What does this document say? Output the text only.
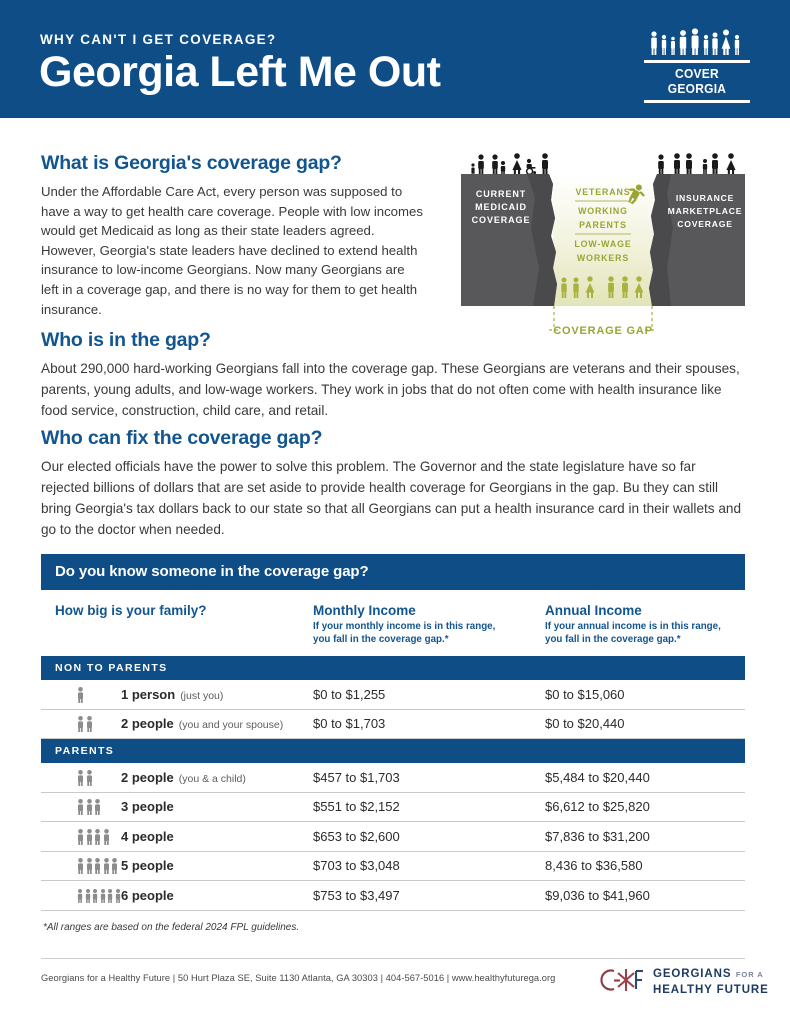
WHY CAN'T I GET COVERAGE?
Georgia Left Me Out	COVER GEORGIA
What is Georgia's coverage gap?
Under the Affordable Care Act, every person was supposed to have a way to get health care coverage. People with low incomes would get Medicaid as long as their state leaders agreed. However, Georgia's state leaders have declined to extend health insurance to low-income Georgians. Now many Georgians are left in a coverage gap, and there is no way for them to get health insurance.
CURRENT
MEDICAID
COVERAGE
INSURANCE
MARKETPLACE
COVERAGE
VETERANS
WORKING
PARENTS
LOW-WAGE
WORKERS
COVERAGE GAP
Who is in the gap?
About 290,000 hard-working Georgians fall into the coverage gap. These Georgians are veterans and their spouses, parents, young adults, and low-wage workers. They work in jobs that do not often come with health insurance like food service, construction, child care, and retail.
Who can fix the coverage gap?
Our elected officials have the power to solve this problem. The Governor and the state legislature have so far rejected billions of dollars that are set aside to provide health coverage for Georgians in the gap. Bu they can still bring Georgia's tax dollars back to our state so that all Georgians can put a health insurance card in their wallets and go to the doctor when needed.
Do you know someone in the coverage gap?
How big is your family?	Monthly Income
If your monthly income is in this range,
you fall in the coverage gap.*
Annual Income
If your annual income is in this range,
you fall in the coverage gap.*
NON TO PARENTS
1 person (just you)	$0 to $1,255	$0 to $15,060
2 people (you and your spouse) $0 to $1,703	$0 to $20,440
PARENTS
2 people (you & a child)	$457 to $1,703	$5,484 to $20,440
3 people	$551 to $2,152	$6,612 to $25,820
4 people	$653 to $2,600	$7,836 to $31,200
5 people	$703 to $3,048	8,436 to $36,580
6 people	$753 to $3,497	$9,036 to $41,960
*All ranges are based on the federal 2024 FPL guidelines.
Georgians for a Healthy Future | 50 Hurt Plaza SE, Suite 1130 Atlanta, GA 30303 | 404-567-5016 | www.healthyfuturega.org	GEORGIANS FOR A
HEALTHY FUTURE
